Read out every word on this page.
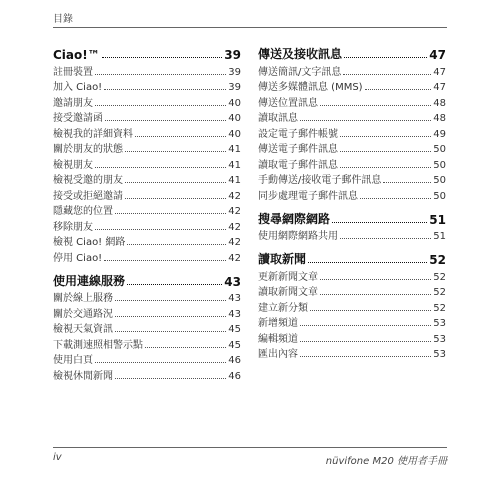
目錄
Ciao!™	39
註冊裝置	39
加入 Ciao!	39
邀請朋友	40
接受邀請函	40
檢視我的詳細資料	40
關於朋友的狀態	41
檢視朋友	41
檢視受邀的朋友	41
接受或拒絕邀請	42
隱藏您的位置	42
移除朋友	42
檢視 Ciao! 網路	42
停用 Ciao!	42
使用連線服務	43
關於線上服務	43
關於交通路況	43
檢視天氣資訊	45
下載測速照相警示點	45
使用白頁	46
檢視休閒新聞	46
傳送及接收訊息	47
傳送簡訊/文字訊息	47
傳送多媒體訊息 (MMS)	47
傳送位置訊息	48
讀取訊息	48
設定電子郵件帳號	49
傳送電子郵件訊息	50
讀取電子郵件訊息	50
手動傳送/接收電子郵件訊息	50
同步處理電子郵件訊息	50
搜尋網際網路	51
使用網際網路共用	51
讀取新聞	52
更新新聞文章	52
讀取新聞文章	52
建立新分類	52
新增頻道	53
編輯頻道	53
匯出內容	53
iv	nüvifone M20 使用者手冊
